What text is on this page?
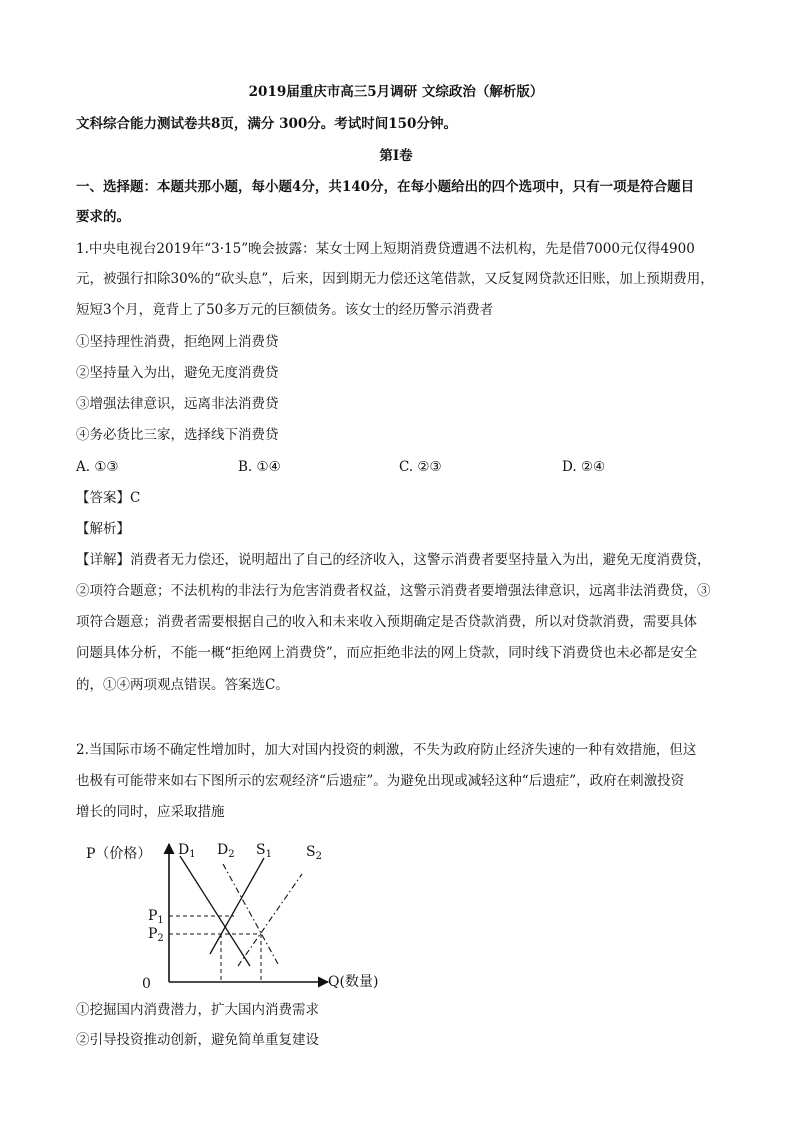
2019届重庆市高三5月调研 文综政治（解析版）
文科综合能力测试卷共8页，满分 300分。考试时间150分钟。
第I卷
一、选择题：本题共那小题，每小题4分，共140分，在每小题给出的四个选项中，只有一项是符合题目
要求的。
1.中央电视台2019年“3·15”晚会披露：某女士网上短期消费贷遭遇不法机构，先是借7000元仅得4900
元，被强行扣除30%的“砍头息”，后来，因到期无力偿还这笔借款，又反复网贷款还旧账，加上预期费用，
短短3个月，竟背上了50多万元的巨额债务。该女士的经历警示消费者
①坚持理性消费，拒绝网上消费贷
②坚持量入为出，避免无度消费贷
③增强法律意识，远离非法消费贷
④务必货比三家，选择线下消费贷
A. ①③	B. ①④	C. ②③	D. ②④
【答案】C
【解析】
【详解】消费者无力偿还，说明超出了自己的经济收入，这警示消费者要坚持量入为出，避免无度消费贷，
②项符合题意；不法机构的非法行为危害消费者权益，这警示消费者要增强法律意识，远离非法消费贷，③
项符合题意；消费者需要根据自己的收入和未来收入预期确定是否贷款消费，所以对贷款消费，需要具体
问题具体分析，不能一概“拒绝网上消费贷”，而应拒绝非法的网上贷款，同时线下消费贷也未必都是安全
的，①④两项观点错误。答案选C。
2.当国际市场不确定性增加时，加大对国内投资的刺激，不失为政府防止经济失速的一种有效措施，但这
也极有可能带来如右下图所示的宏观经济“后遗症”。为避免出现或减轻这种“后遗症”，政府在刺激投资
增长的同时，应采取措施
P（价格）
Q(数量)
0
$D_1$ $D_2$ $S_1$ $S_2$
$P_1$
$P_2$
①挖掘国内消费潜力，扩大国内消费需求
②引导投资推动创新，避免简单重复建设
